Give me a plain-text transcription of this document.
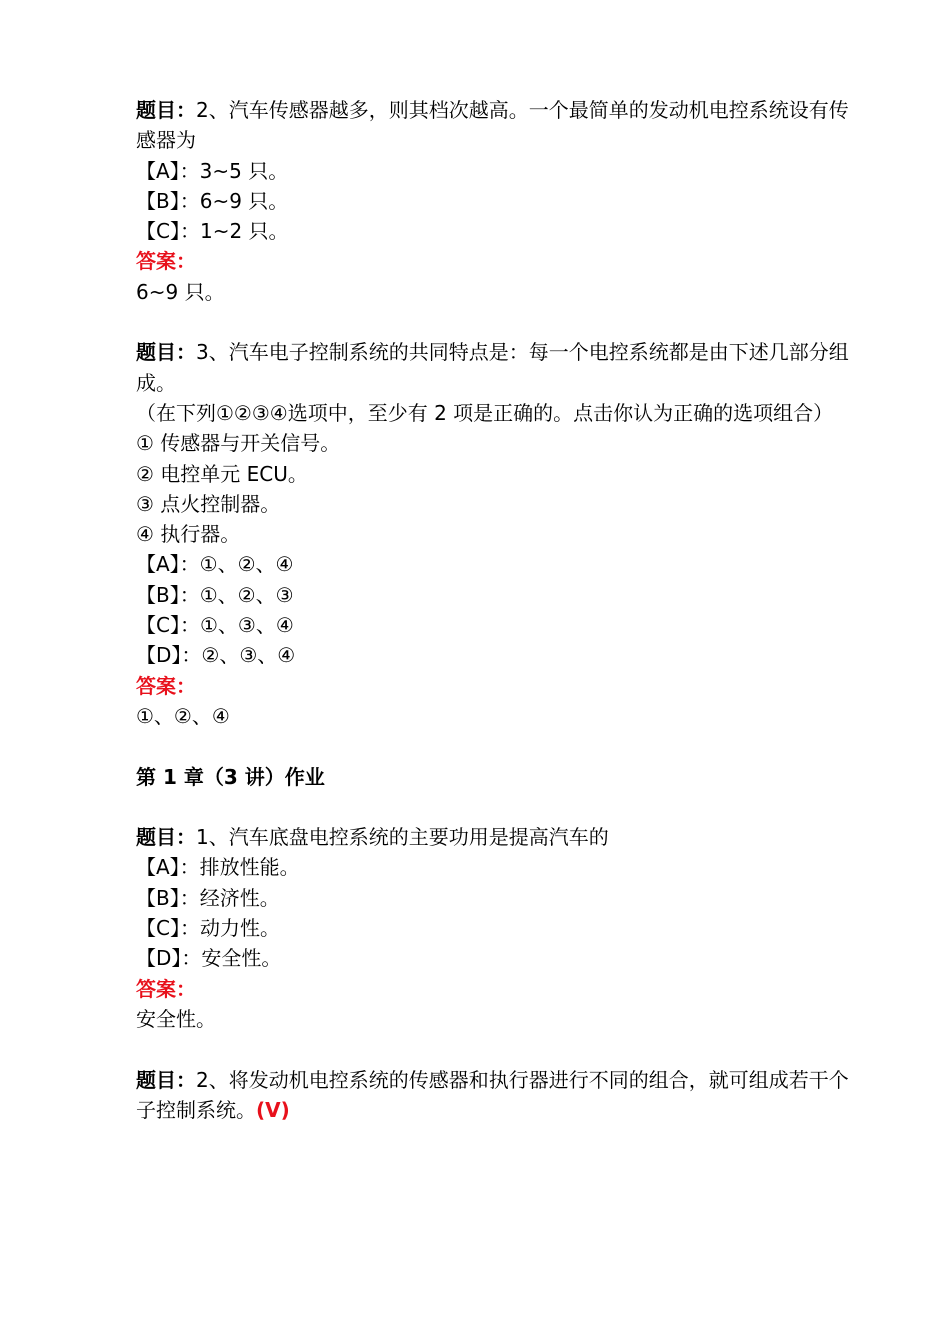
题目：2、汽车传感器越多，则其档次越高。一个最简单的发动机电控系统设有传感器为
【A】：3~5 只。
【B】：6~9 只。
【C】：1~2 只。
答案：
6~9 只。
题目：3、汽车电子控制系统的共同特点是：每一个电控系统都是由下述几部分组成。
（在下列①②③④选项中，至少有 2 项是正确的。点击你认为正确的选项组合）
① 传感器与开关信号。
② 电控单元 ECU。
③ 点火控制器。
④ 执行器。
【A】：①、②、④
【B】：①、②、③
【C】：①、③、④
【D】：②、③、④
答案：
①、②、④
第 1 章（3 讲）作业
题目：1、汽车底盘电控系统的主要功用是提高汽车的
【A】：排放性能。
【B】：经济性。
【C】：动力性。
【D】：安全性。
答案：
安全性。
题目：2、将发动机电控系统的传感器和执行器进行不同的组合，就可组成若干个子控制系统。(V)
